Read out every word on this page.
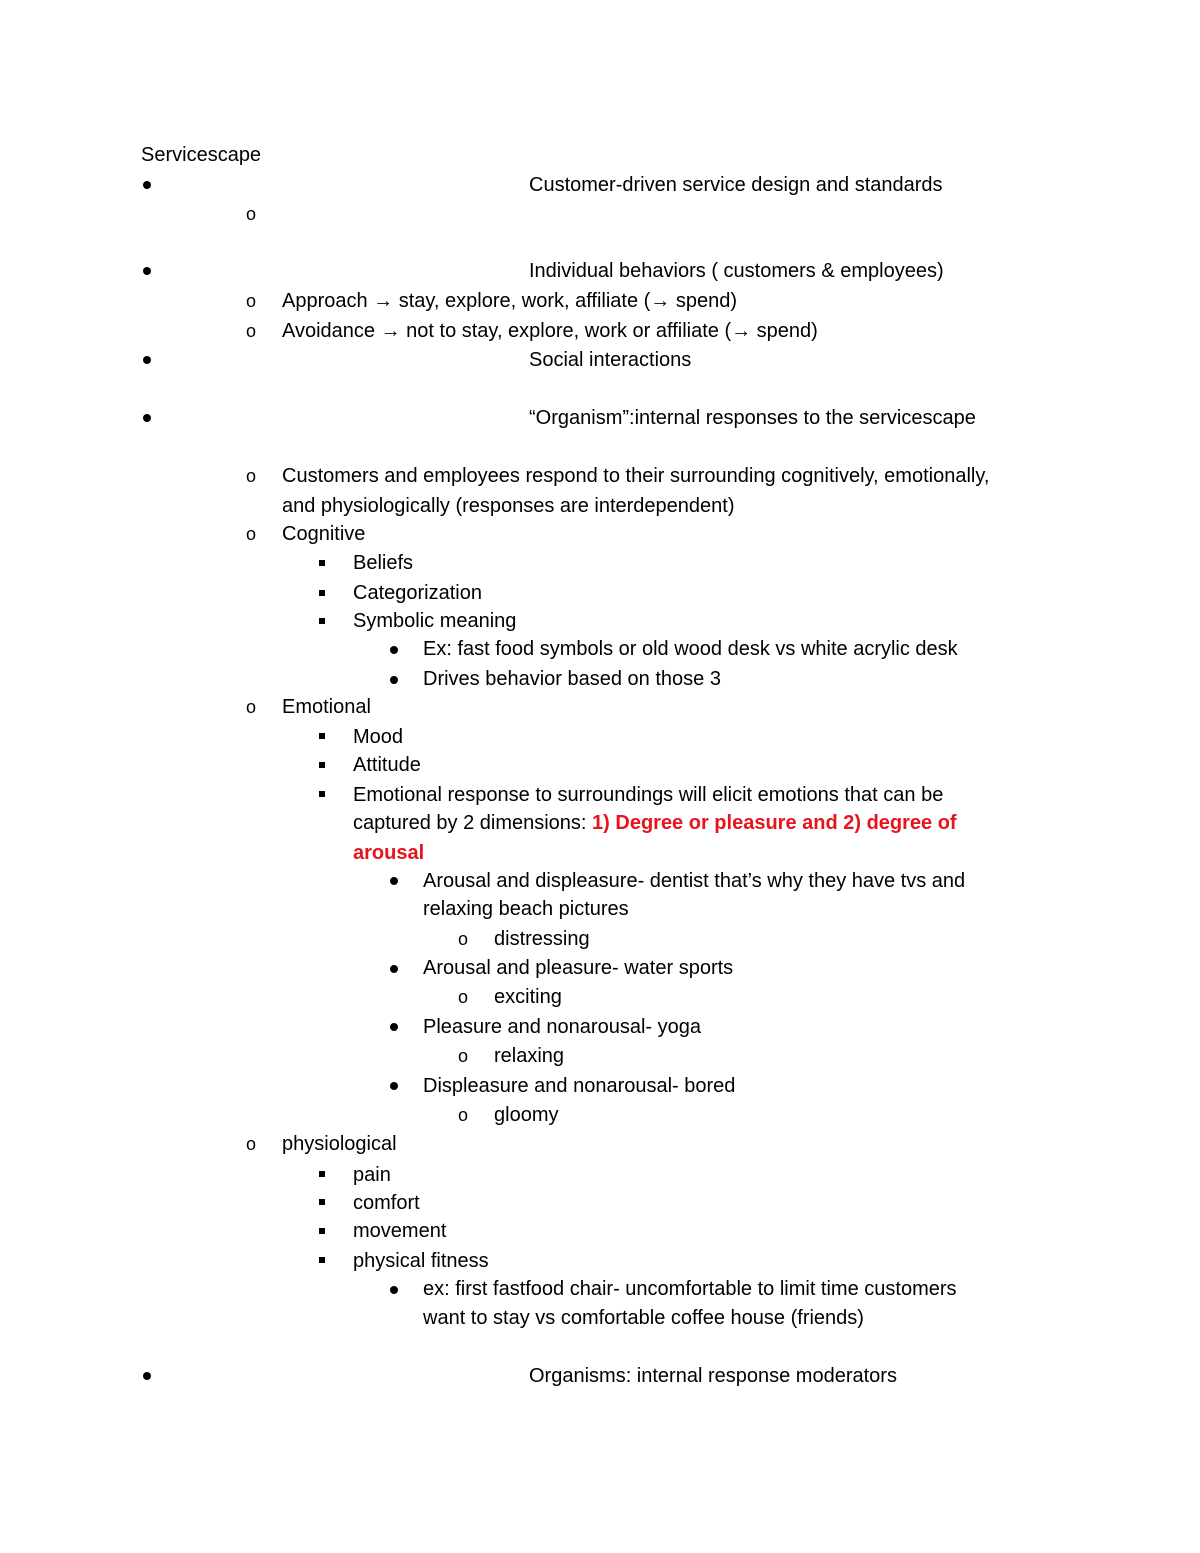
Servicescape
Customer-driven service design and standards
o
Individual behaviors ( customers & employees)
o Approach → stay, explore, work, affiliate (→ spend)
o Avoidance → not to stay, explore, work or affiliate (→ spend)
Social interactions
“Organism”:internal responses to the servicescape
o Customers and employees respond to their surrounding cognitively, emotionally,
and physiologically (responses are interdependent)
o Cognitive
Beliefs
Categorization
Symbolic meaning
Ex: fast food symbols or old wood desk vs white acrylic desk
Drives behavior based on those 3
o Emotional
Mood
Attitude
Emotional response to surroundings will elicit emotions that can be
captured by 2 dimensions: 1) Degree or pleasure and 2) degree of
arousal
Arousal and displeasure- dentist that’s why they have tvs and
relaxing beach pictures
o distressing
Arousal and pleasure- water sports
o exciting
Pleasure and nonarousal- yoga
o relaxing
Displeasure and nonarousal- bored
o gloomy
o physiological
pain
comfort
movement
physical fitness
ex: first fastfood chair- uncomfortable to limit time customers
want to stay vs comfortable coffee house (friends)
Organisms: internal response moderators
